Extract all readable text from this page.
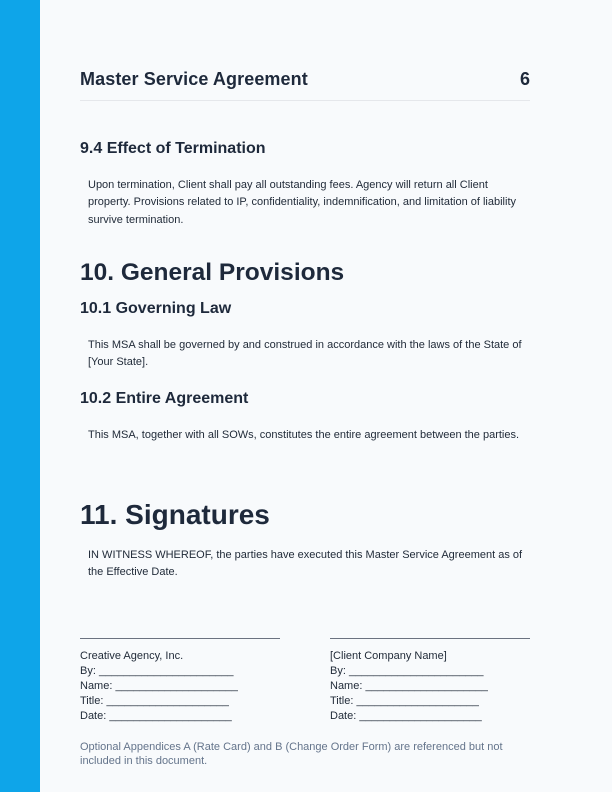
Master Service Agreement	6
9.4 Effect of Termination
Upon termination, Client shall pay all outstanding fees. Agency will return all Client property. Provisions related to IP, confidentiality, indemnification, and limitation of liability survive termination.
10. General Provisions
10.1 Governing Law
This MSA shall be governed by and construed in accordance with the laws of the State of [Your State].
10.2 Entire Agreement
This MSA, together with all SOWs, constitutes the entire agreement between the parties.
11. Signatures
IN WITNESS WHEREOF, the parties have executed this Master Service Agreement as of the Effective Date.
Creative Agency, Inc.
By: ______________________
Name: ____________________
Title: ____________________
Date: ____________________
[Client Company Name]
By: ______________________
Name: ____________________
Title: ____________________
Date: ____________________
Optional Appendices A (Rate Card) and B (Change Order Form) are referenced but not included in this document.
